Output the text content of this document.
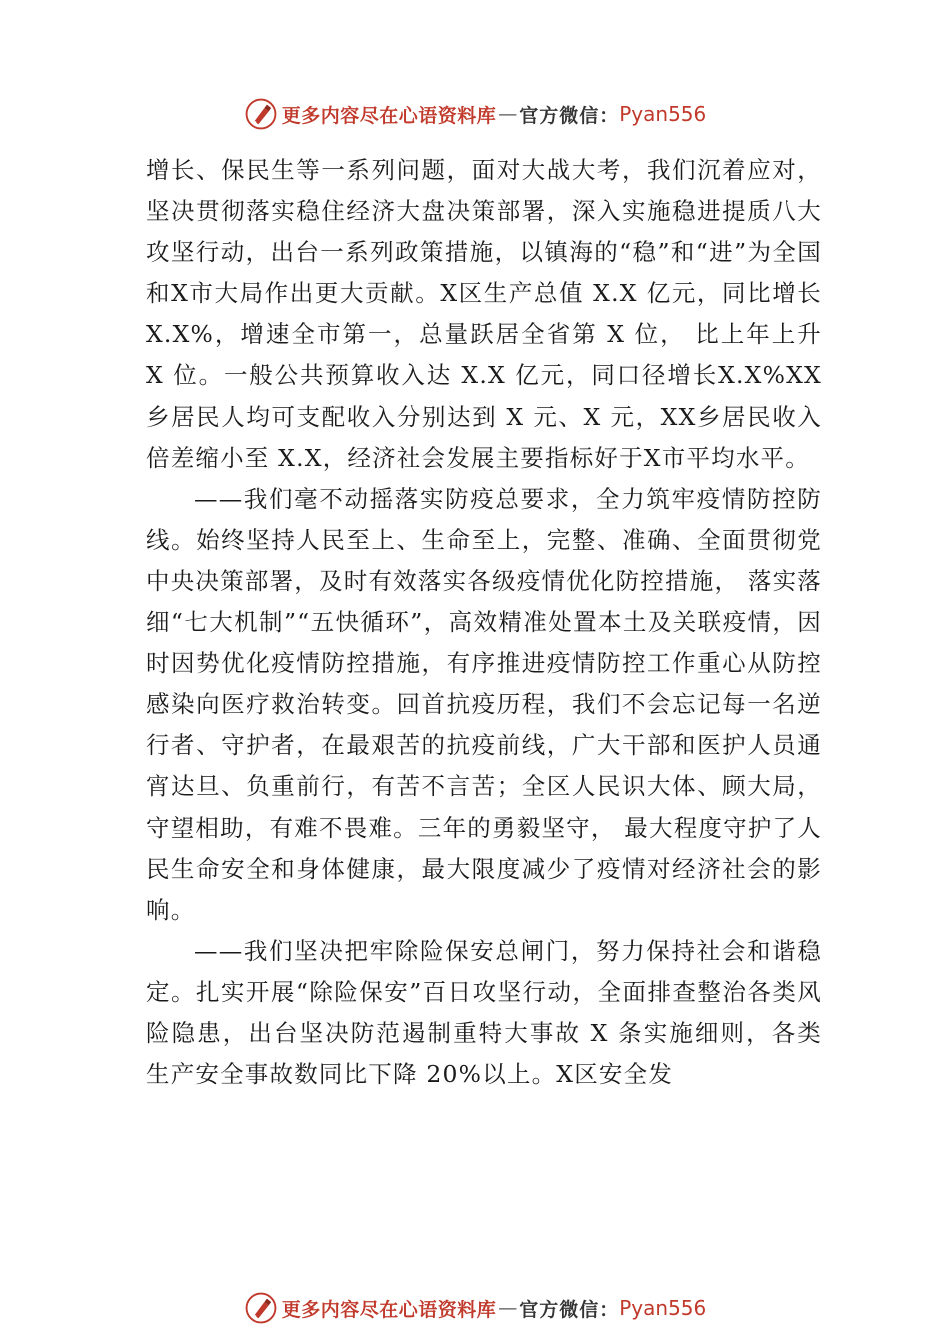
更多内容尽在心语资料库 — 官方微信： Pyan556

增长、保民生等一系列问题，面对大战大考，我们沉着应对， 坚决贯彻落实稳住经济大盘决策部署，深入实施稳进提质八大攻坚行动，出台一系列政策措施，以镇海的“稳”和“进”为全国和X市大局作出更大贡献。X区生产总值 X.X 亿元，同比增长 X.X%，增速全市第一，总量跃居全省第 X 位， 比上年上升 X 位。一般公共预算收入达 X.X 亿元，同口径增长X.X%XX乡居民人均可支配收入分别达到 X 元、X 元，XX乡居民收入倍差缩小至 X.X，经济社会发展主要指标好于X市平均水平。

——我们毫不动摇落实防疫总要求，全力筑牢疫情防控防线。始终坚持人民至上、生命至上，完整、准确、全面贯彻党中央决策部署，及时有效落实各级疫情优化防控措施， 落实落细“七大机制”“五快循环”，高效精准处置本土及关联疫情，因时因势优化疫情防控措施，有序推进疫情防控工作重心从防控感染向医疗救治转变。回首抗疫历程，我们不会忘记每一名逆行者、守护者，在最艰苦的抗疫前线，广大干部和医护人员通宵达旦、负重前行，有苦不言苦；全区人民识大体、顾大局，守望相助，有难不畏难。三年的勇毅坚守， 最大程度守护了人民生命安全和身体健康，最大限度减少了疫情对经济社会的影响。

——我们坚决把牢除险保安总闸门，努力保持社会和谐稳定。扎实开展“除险保安”百日攻坚行动，全面排查整治各类风险隐患，出台坚决防范遏制重特大事故 X 条实施细则，各类生产安全事故数同比下降 20%以上。X区安全发

更多内容尽在心语资料库 — 官方微信： Pyan556
